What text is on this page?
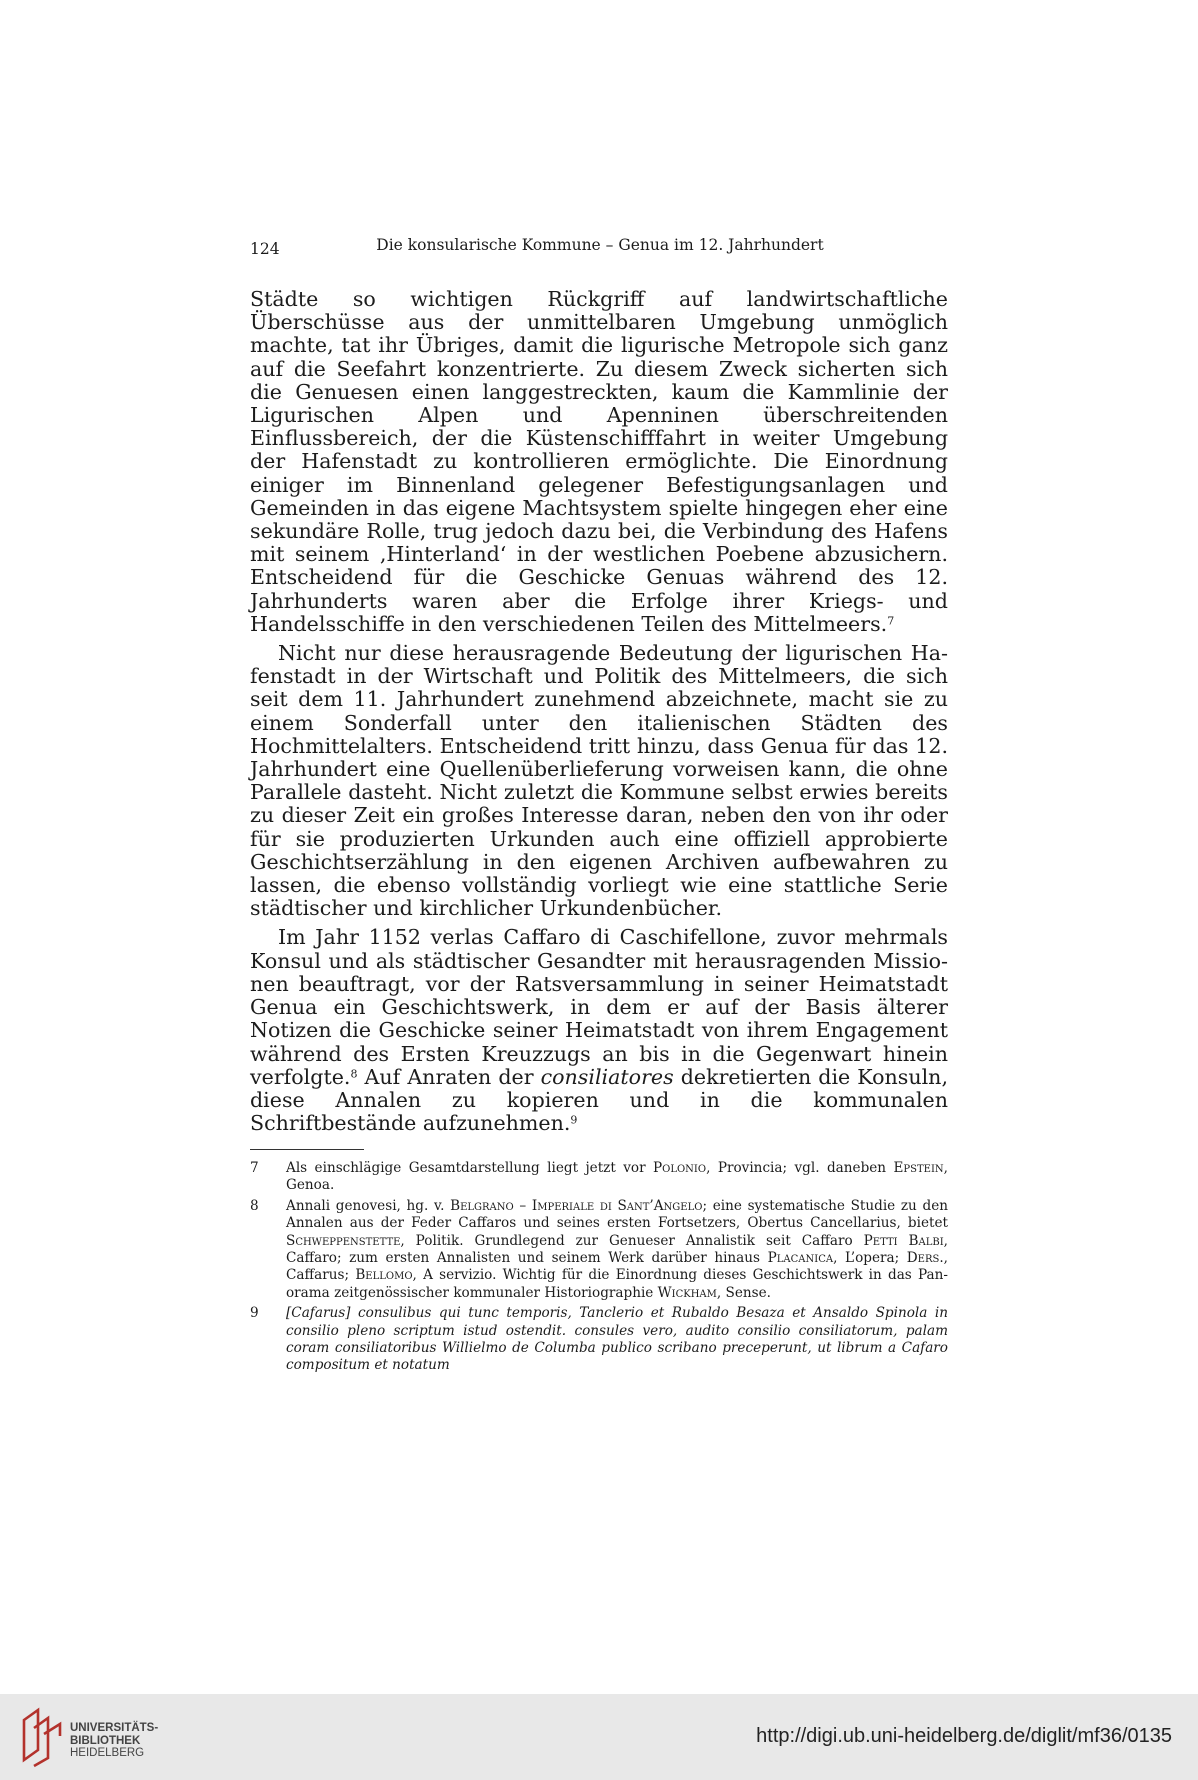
124	Die konsularische Kommune – Genua im 12. Jahrhundert

Städte so wichtigen Rückgriff auf landwirtschaftliche Überschüsse aus der unmittelbaren Umgebung unmöglich machte, tat ihr Übriges, damit die ligurische Metropole sich ganz auf die Seefahrt konzentrierte. Zu diesem Zweck sicherten sich die Genuesen einen langgestreckten, kaum die Kammlinie der Ligurischen Alpen und Apenninen überschreitenden Einflussbereich, der die Küstenschifffahrt in weiter Umgebung der Hafenstadt zu kontrollieren ermöglichte. Die Einordnung einiger im Binnenland gelegener Befestigungsanlagen und Gemeinden in das eigene Machtsystem spielte hingegen eher eine sekundäre Rolle, trug jedoch dazu bei, die Verbindung des Hafens mit seinem ‚Hinterland‘ in der westlichen Poebene abzusichern. Entscheidend für die Geschicke Genuas während des 12. Jahrhunderts waren aber die Erfolge ihrer Kriegs- und Handelsschiffe in den verschiedenen Teilen des Mittelmeers.$^7$

Nicht nur diese herausragende Bedeutung der ligurischen Hafenstadt in der Wirtschaft und Politik des Mittelmeers, die sich seit dem 11. Jahrhundert zunehmend abzeichnete, macht sie zu einem Sonderfall unter den italienischen Städten des Hochmittelalters. Entscheidend tritt hinzu, dass Genua für das 12. Jahrhundert eine Quellenüberlieferung vorweisen kann, die ohne Parallele dasteht. Nicht zuletzt die Kommune selbst erwies bereits zu dieser Zeit ein großes Interesse daran, neben den von ihr oder für sie produzierten Urkunden auch eine offiziell approbierte Geschichtserzählung in den eigenen Archiven aufbewahren zu lassen, die ebenso vollständig vorliegt wie eine stattliche Serie städtischer und kirchlicher Urkundenbücher.

Im Jahr 1152 verlas Caffaro di Caschifellone, zuvor mehrmals Konsul und als städtischer Gesandter mit herausragenden Missionen beauftragt, vor der Ratsversammlung in seiner Heimatstadt Genua ein Geschichtswerk, in dem er auf der Basis älterer Notizen die Geschicke seiner Heimatstadt von ihrem Engagement während des Ersten Kreuzzugs an bis in die Gegenwart hinein verfolgte.$^8$ Auf Anraten der consiliatores dekretierten die Konsuln, diese Annalen zu kopieren und in die kommunalen Schriftbestände aufzunehmen.$^9$

7 Als einschlägige Gesamtdarstellung liegt jetzt vor Polonio, Provincia; vgl. daneben Epstein, Genoa.
8 Annali genovesi, hg. v. Belgrano – Imperiale di Sant’Angelo; eine systematische Studie zu den Annalen aus der Feder Caffaros und seines ersten Fortsetzers, Obertus Cancellarius, bietet Schweppenstette, Politik. Grundlegend zur Genueser Annalistik seit Caffaro Petti Balbi, Caffaro; zum ersten Annalisten und seinem Werk darüber hinaus Placanica, L’opera; Ders., Caffarus; Bellomo, A servizio. Wichtig für die Einordnung dieses Geschichtswerk in das Panorama zeitgenössischer kommunaler Historiographie Wickham, Sense.
9 [Cafarus] consulibus qui tunc temporis, Tanclerio et Rubaldo Besaza et Ansaldo Spinola in consilio pleno scriptum istud ostendit. consules vero, audito consilio consiliatorum, palam coram consiliatoribus Willielmo de Columba publico scribano preceperunt, ut librum a Cafaro compositum et notatum
UNIVERSITÄTS-
BIBLIOTHEK
HEIDELBERG
http://digi.ub.uni-heidelberg.de/diglit/mf36/0135
